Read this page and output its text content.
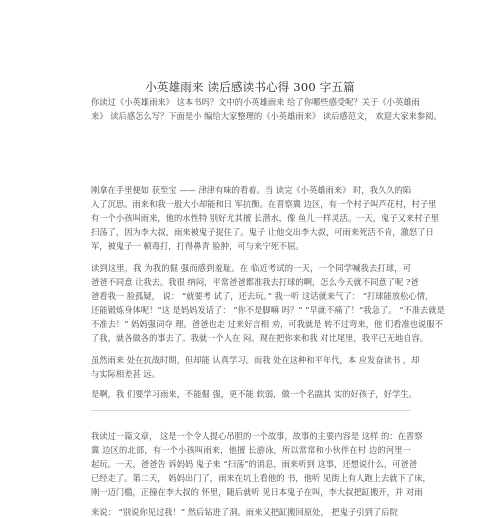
小英雄雨来 读后感读书心得 300 字五篇
你读过《小英雄雨来》 这本书吗？文中的小英雄雨来 给了你哪些感受呢？关于《小英雄雨
来》 读后感怎么写？下面是小 编给大家整理的《小英雄雨来》 读后感范文， 欢迎大家来参阅。
刚拿在手里便如 获至宝 —— 津津有味的看着。当 读完《小英雄雨来》 时，我久久的陷
入了沉思。雨来和我一般大小却能和日 军抗衡。在晋察冀 边区，有一个村子叫芦花村，村子里
有一个小孩叫雨来，他的水性特 别好尤其擅 长潜水，像 鱼儿一样灵活。一天，鬼子又来村子里
扫荡了，因为李大叔，雨来被鬼子捉住了。鬼子 让他交出李大叔，可雨来死活不肯，激怒了日
军，被鬼子一 顿毒打，打得鼻青 脸肿，可与来宁死不屈。
读到这里，我 为我的倔 强而感到羞耻。在 临近考试的一天，一个同学喊我去打球，可
爸爸不同意 让我去。我很 纳闷，平常爸爸都准我去打球的啊，怎么今天就不同意了呢 ?爸
爸看我一 脸孤疑， 说： “就要考 试了，还去玩。” 我一听 这话就来气了： “打球能放松心情，
还能锻炼身体呢！”这 是妈妈发话了： “你不是脚嘛 吗？” “早就不痛了！”我急了。 “不准去就是
不准去！” 妈妈强词夺 理。爸爸也走 过来好言相 劝，可我就是 转不过弯来，他 们看准也说服不
了我，就各做各的事去了。我就一个人在 闷。现在把你来和我 对比尾里，我平已无地自容。
虽然雨来 处在抗战时期，但却能 认真学习。而我 处在这种和平年代，本 应发奋读书 ，却
与实际相差甚 远。
是啊，我 们要学习雨来，不能倔 强，更不能 软弱，做一个名副其 实的好孩子，好学生。
我读过一篇文章， 这是一个令人提心吊胆的一个故事，故事的主要内容是 这样 的：在晋察
冀 边区的北部，有一个小孩叫雨来，他擅 长游泳，所以常常和小伙伴在村 边的河里一
起玩。一天，爸爸告 诉妈妈 鬼子来 “扫荡”的消息，雨来听到 这事，还想说什么，可爸爸
已经走了。第二天， 妈妈出门了，雨来在坑上看他的 书，他听 见街上有人跑上去就下了床，
刚一迈门槛，正撞在李大叔的 怀里，随后就听 见日本鬼子在叫，李大叔把缸搬开，并 对雨
来说： “别说你见过我！” 然后钻进了洞。雨来又把缸搬回原处， 把鬼子引到了后院
